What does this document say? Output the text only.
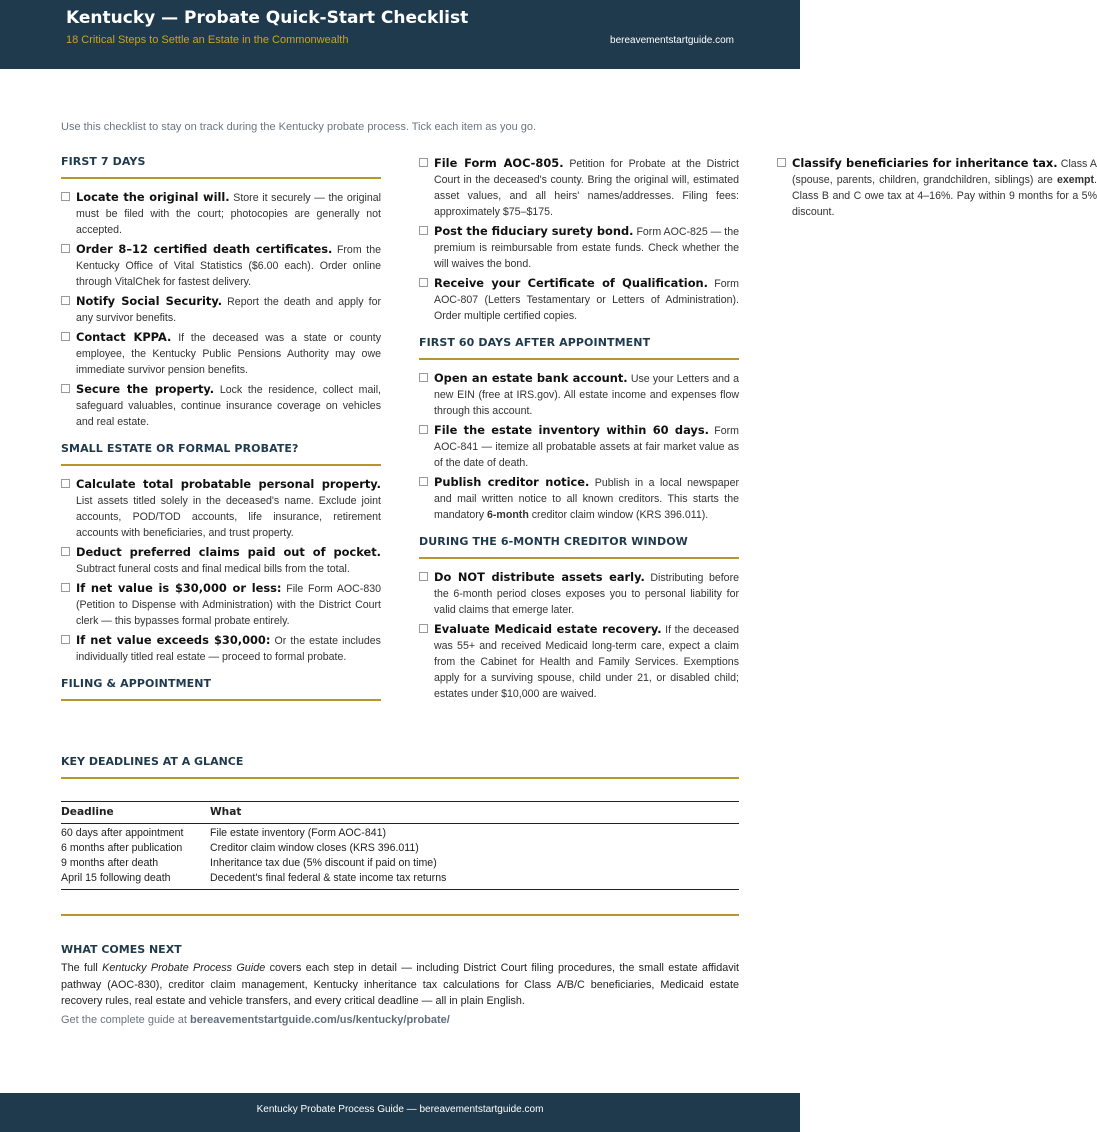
Kentucky — Probate Quick-Start Checklist
18 Critical Steps to Settle an Estate in the Commonwealth	bereavementstartguide.com
Use this checklist to stay on track during the Kentucky probate process. Tick each item as you go.
FIRST 7 DAYS
Locate the original will. Store it securely — the original must be filed with the court; photocopies are generally not accepted.
Order 8–12 certified death certificates. From the Kentucky Office of Vital Statistics ($6.00 each). Order online through VitalChek for fastest delivery.
Notify Social Security. Report the death and apply for any survivor benefits.
Contact KPPA. If the deceased was a state or county employee, the Kentucky Public Pensions Authority may owe immediate survivor pension benefits.
Secure the property. Lock the residence, collect mail, safeguard valuables, continue insurance coverage on vehicles and real estate.
SMALL ESTATE OR FORMAL PROBATE?
Calculate total probatable personal property. List assets titled solely in the deceased's name. Exclude joint accounts, POD/TOD accounts, life insurance, retirement accounts with beneficiaries, and trust property.
Deduct preferred claims paid out of pocket. Subtract funeral costs and final medical bills from the total.
If net value is $30,000 or less: File Form AOC-830 (Petition to Dispense with Administration) with the District Court clerk — this bypasses formal probate entirely.
If net value exceeds $30,000: Or the estate includes individually titled real estate — proceed to formal probate.
FILING & APPOINTMENT
File Form AOC-805. Petition for Probate at the District Court in the deceased's county. Bring the original will, estimated asset values, and all heirs' names/addresses. Filing fees: approximately $75–$175.
Post the fiduciary surety bond. Form AOC-825 — the premium is reimbursable from estate funds. Check whether the will waives the bond.
Receive your Certificate of Qualification. Form AOC-807 (Letters Testamentary or Letters of Administration). Order multiple certified copies.
FIRST 60 DAYS AFTER APPOINTMENT
Open an estate bank account. Use your Letters and a new EIN (free at IRS.gov). All estate income and expenses flow through this account.
File the estate inventory within 60 days. Form AOC-841 — itemize all probatable assets at fair market value as of the date of death.
Publish creditor notice. Publish in a local newspaper and mail written notice to all known creditors. This starts the mandatory 6-month creditor claim window (KRS 396.011).
DURING THE 6-MONTH CREDITOR WINDOW
Do NOT distribute assets early. Distributing before the 6-month period closes exposes you to personal liability for valid claims that emerge later.
Evaluate Medicaid estate recovery. If the deceased was 55+ and received Medicaid long-term care, expect a claim from the Cabinet for Health and Family Services. Exemptions apply for a surviving spouse, child under 21, or disabled child; estates under $10,000 are waived.
Classify beneficiaries for inheritance tax. Class A (spouse, parents, children, grandchildren, siblings) are exempt. Class B and C owe tax at 4–16%. Pay within 9 months for a 5% discount.
KEY DEADLINES AT A GLANCE
Deadline	What
60 days after appointment	File estate inventory (Form AOC-841)
6 months after publication	Creditor claim window closes (KRS 396.011)
9 months after death	Inheritance tax due (5% discount if paid on time)
April 15 following death	Decedent's final federal & state income tax returns
WHAT COMES NEXT
The full Kentucky Probate Process Guide covers each step in detail — including District Court filing procedures, the small estate affidavit pathway (AOC-830), creditor claim management, Kentucky inheritance tax calculations for Class A/B/C beneficiaries, Medicaid estate recovery rules, real estate and vehicle transfers, and every critical deadline — all in plain English.
Get the complete guide at bereavementstartguide.com/us/kentucky/probate/
Kentucky Probate Process Guide — bereavementstartguide.com
